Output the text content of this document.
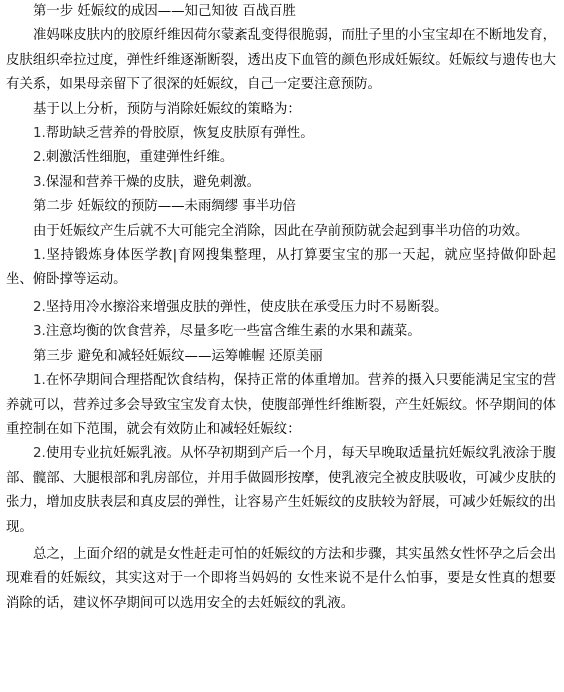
第一步 妊娠纹的成因——知己知彼 百战百胜

准妈咪皮肤内的胶原纤维因荷尔蒙紊乱变得很脆弱，而肚子里的小宝宝却在不断地发育，皮肤组织牵拉过度，弹性纤维逐渐断裂，透出皮下血管的颜色形成妊娠纹。妊娠纹与遗传也大有关系，如果母亲留下了很深的妊娠纹，自己一定要注意预防。

基于以上分析，预防与消除妊娠纹的策略为：

1.帮助缺乏营养的骨胶原，恢复皮肤原有弹性。

2.刺激活性细胞，重建弹性纤维。

3.保湿和营养干燥的皮肤，避免刺激。

第二步 妊娠纹的预防——未雨绸缪 事半功倍

由于妊娠纹产生后就不大可能完全消除，因此在孕前预防就会起到事半功倍的功效。

1.坚持锻炼身体医学教|育网搜集整理，从打算要宝宝的那一天起，就应坚持做仰卧起坐、俯卧撑等运动。

2.坚持用冷水擦浴来增强皮肤的弹性，使皮肤在承受压力时不易断裂。

3.注意均衡的饮食营养，尽量多吃一些富含维生素的水果和蔬菜。

第三步 避免和减轻妊娠纹——运筹帷幄 还原美丽

1.在怀孕期间合理搭配饮食结构，保持正常的体重增加。营养的摄入只要能满足宝宝的营养就可以，营养过多会导致宝宝发育太快，使腹部弹性纤维断裂，产生妊娠纹。怀孕期间的体重控制在如下范围，就会有效防止和减轻妊娠纹：

2.使用专业抗妊娠乳液。从怀孕初期到产后一个月，每天早晚取适量抗妊娠纹乳液涂于腹部、髋部、大腿根部和乳房部位，并用手做圆形按摩，使乳液完全被皮肤吸收，可减少皮肤的张力，增加皮肤表层和真皮层的弹性，让容易产生妊娠纹的皮肤较为舒展，可减少妊娠纹的出现。

总之，上面介绍的就是女性赶走可怕的妊娠纹的方法和步骤，其实虽然女性怀孕之后会出现难看的妊娠纹，其实这对于一个即将当妈妈的 女性来说不是什么怕事，要是女性真的想要消除的话，建议怀孕期间可以选用安全的去妊娠纹的乳液。
